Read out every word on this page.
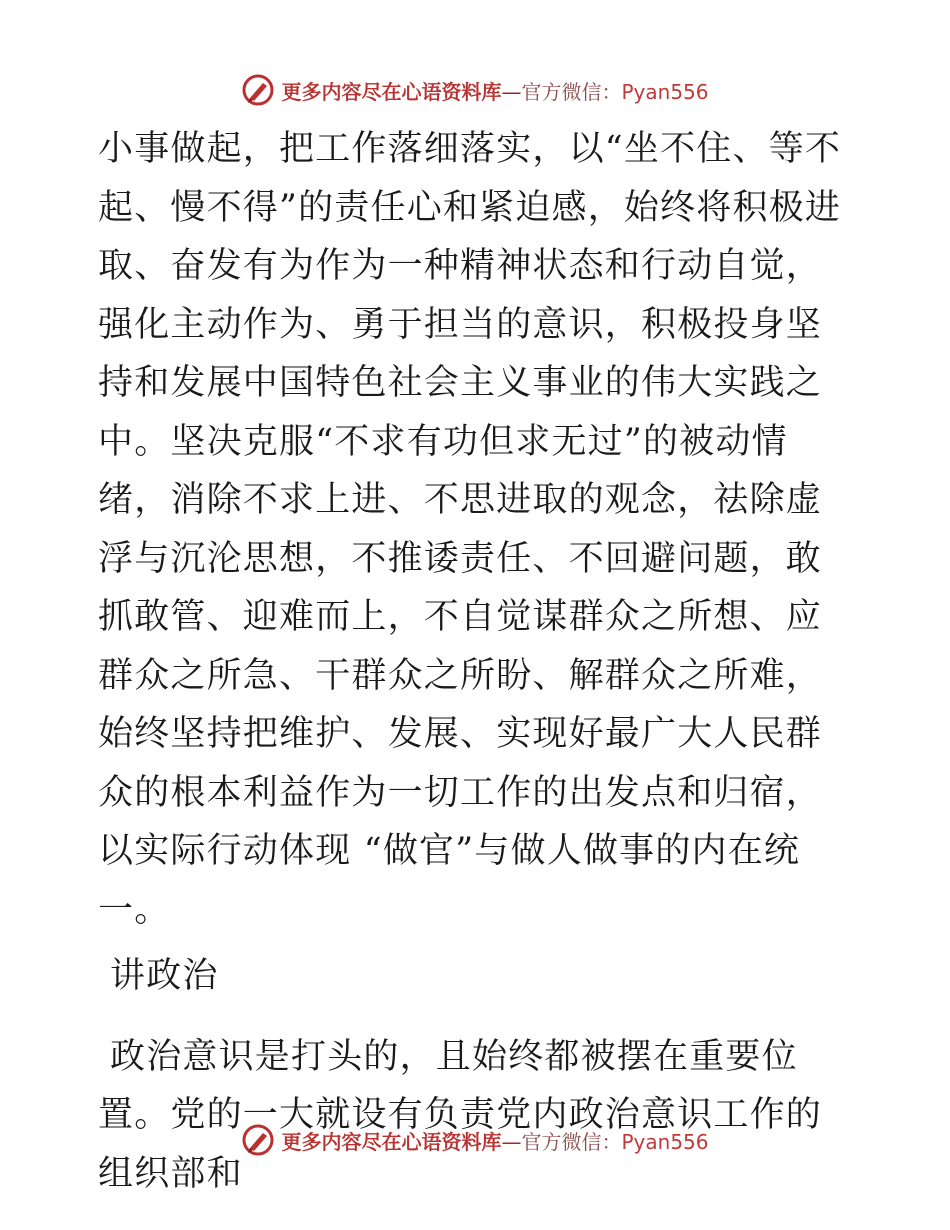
更多内容尽在心语资料库—官方微信：Pyan556

小事做起，把工作落细落实，以“坐不住、等不起、慢不得”的责任心和紧迫感，始终将积极进取、奋发有为作为一种精神状态和行动自觉，强化主动作为、勇于担当的意识，积极投身坚持和发展中国特色社会主义事业的伟大实践之中。坚决克服“不求有功但求无过”的被动情绪，消除不求上进、不思进取的观念，祛除虚浮与沉沦思想，不推诿责任、不回避问题，敢抓敢管、迎难而上，不自觉谋群众之所想、应群众之所急、干群众之所盼、解群众之所难，始终坚持把维护、发展、实现好最广大人民群众的根本利益作为一切工作的出发点和归宿，以实际行动体现 “做官”与做人做事的内在统一。

讲政治

政治意识是打头的，且始终都被摆在重要位置。党的一大就设有负责党内政治意识工作的组织部和

更多内容尽在心语资料库—官方微信：Pyan556
